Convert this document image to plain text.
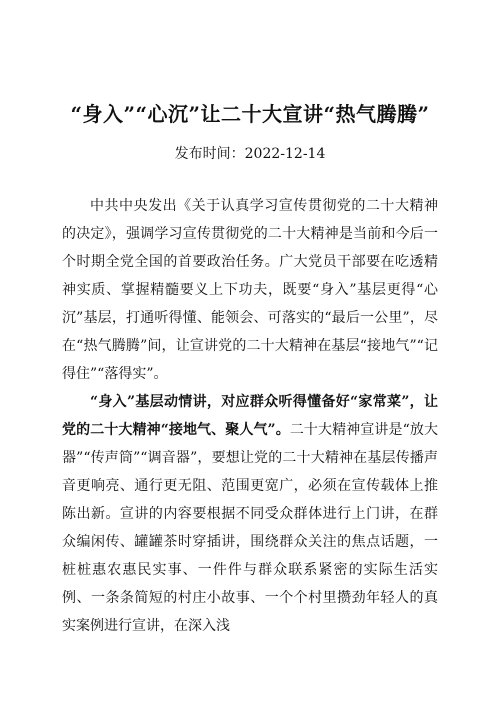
“身入”“心沉”让二十大宣讲“热气腾腾”
发布时间：2022-12-14

中共中央发出《关于认真学习宣传贯彻党的二十大精神的决定》，强调学习宣传贯彻党的二十大精神是当前和今后一个时期全党全国的首要政治任务。广大党员干部要在吃透精神实质、掌握精髓要义上下功夫，既要“身入”基层更得“心沉”基层，打通听得懂、能领会、可落实的“最后一公里”，尽在“热气腾腾”间，让宣讲党的二十大精神在基层“接地气”“记得住”“落得实”。

“身入”基层动情讲，对应群众听得懂备好“家常菜”，让党的二十大精神“接地气、聚人气”。二十大精神宣讲是“放大器”“传声筒”“调音器”，要想让党的二十大精神在基层传播声音更响亮、通行更无阻、范围更宽广，必须在宣传载体上推陈出新。宣讲的内容要根据不同受众群体进行上门讲，在群众编闲传、罐罐茶时穿插讲，围绕群众关注的焦点话题，一桩桩惠农惠民实事、一件件与群众联系紧密的实际生活实例、一条条简短的村庄小故事、一个个村里攒劲年轻人的真实案例进行宣讲，在深入浅
